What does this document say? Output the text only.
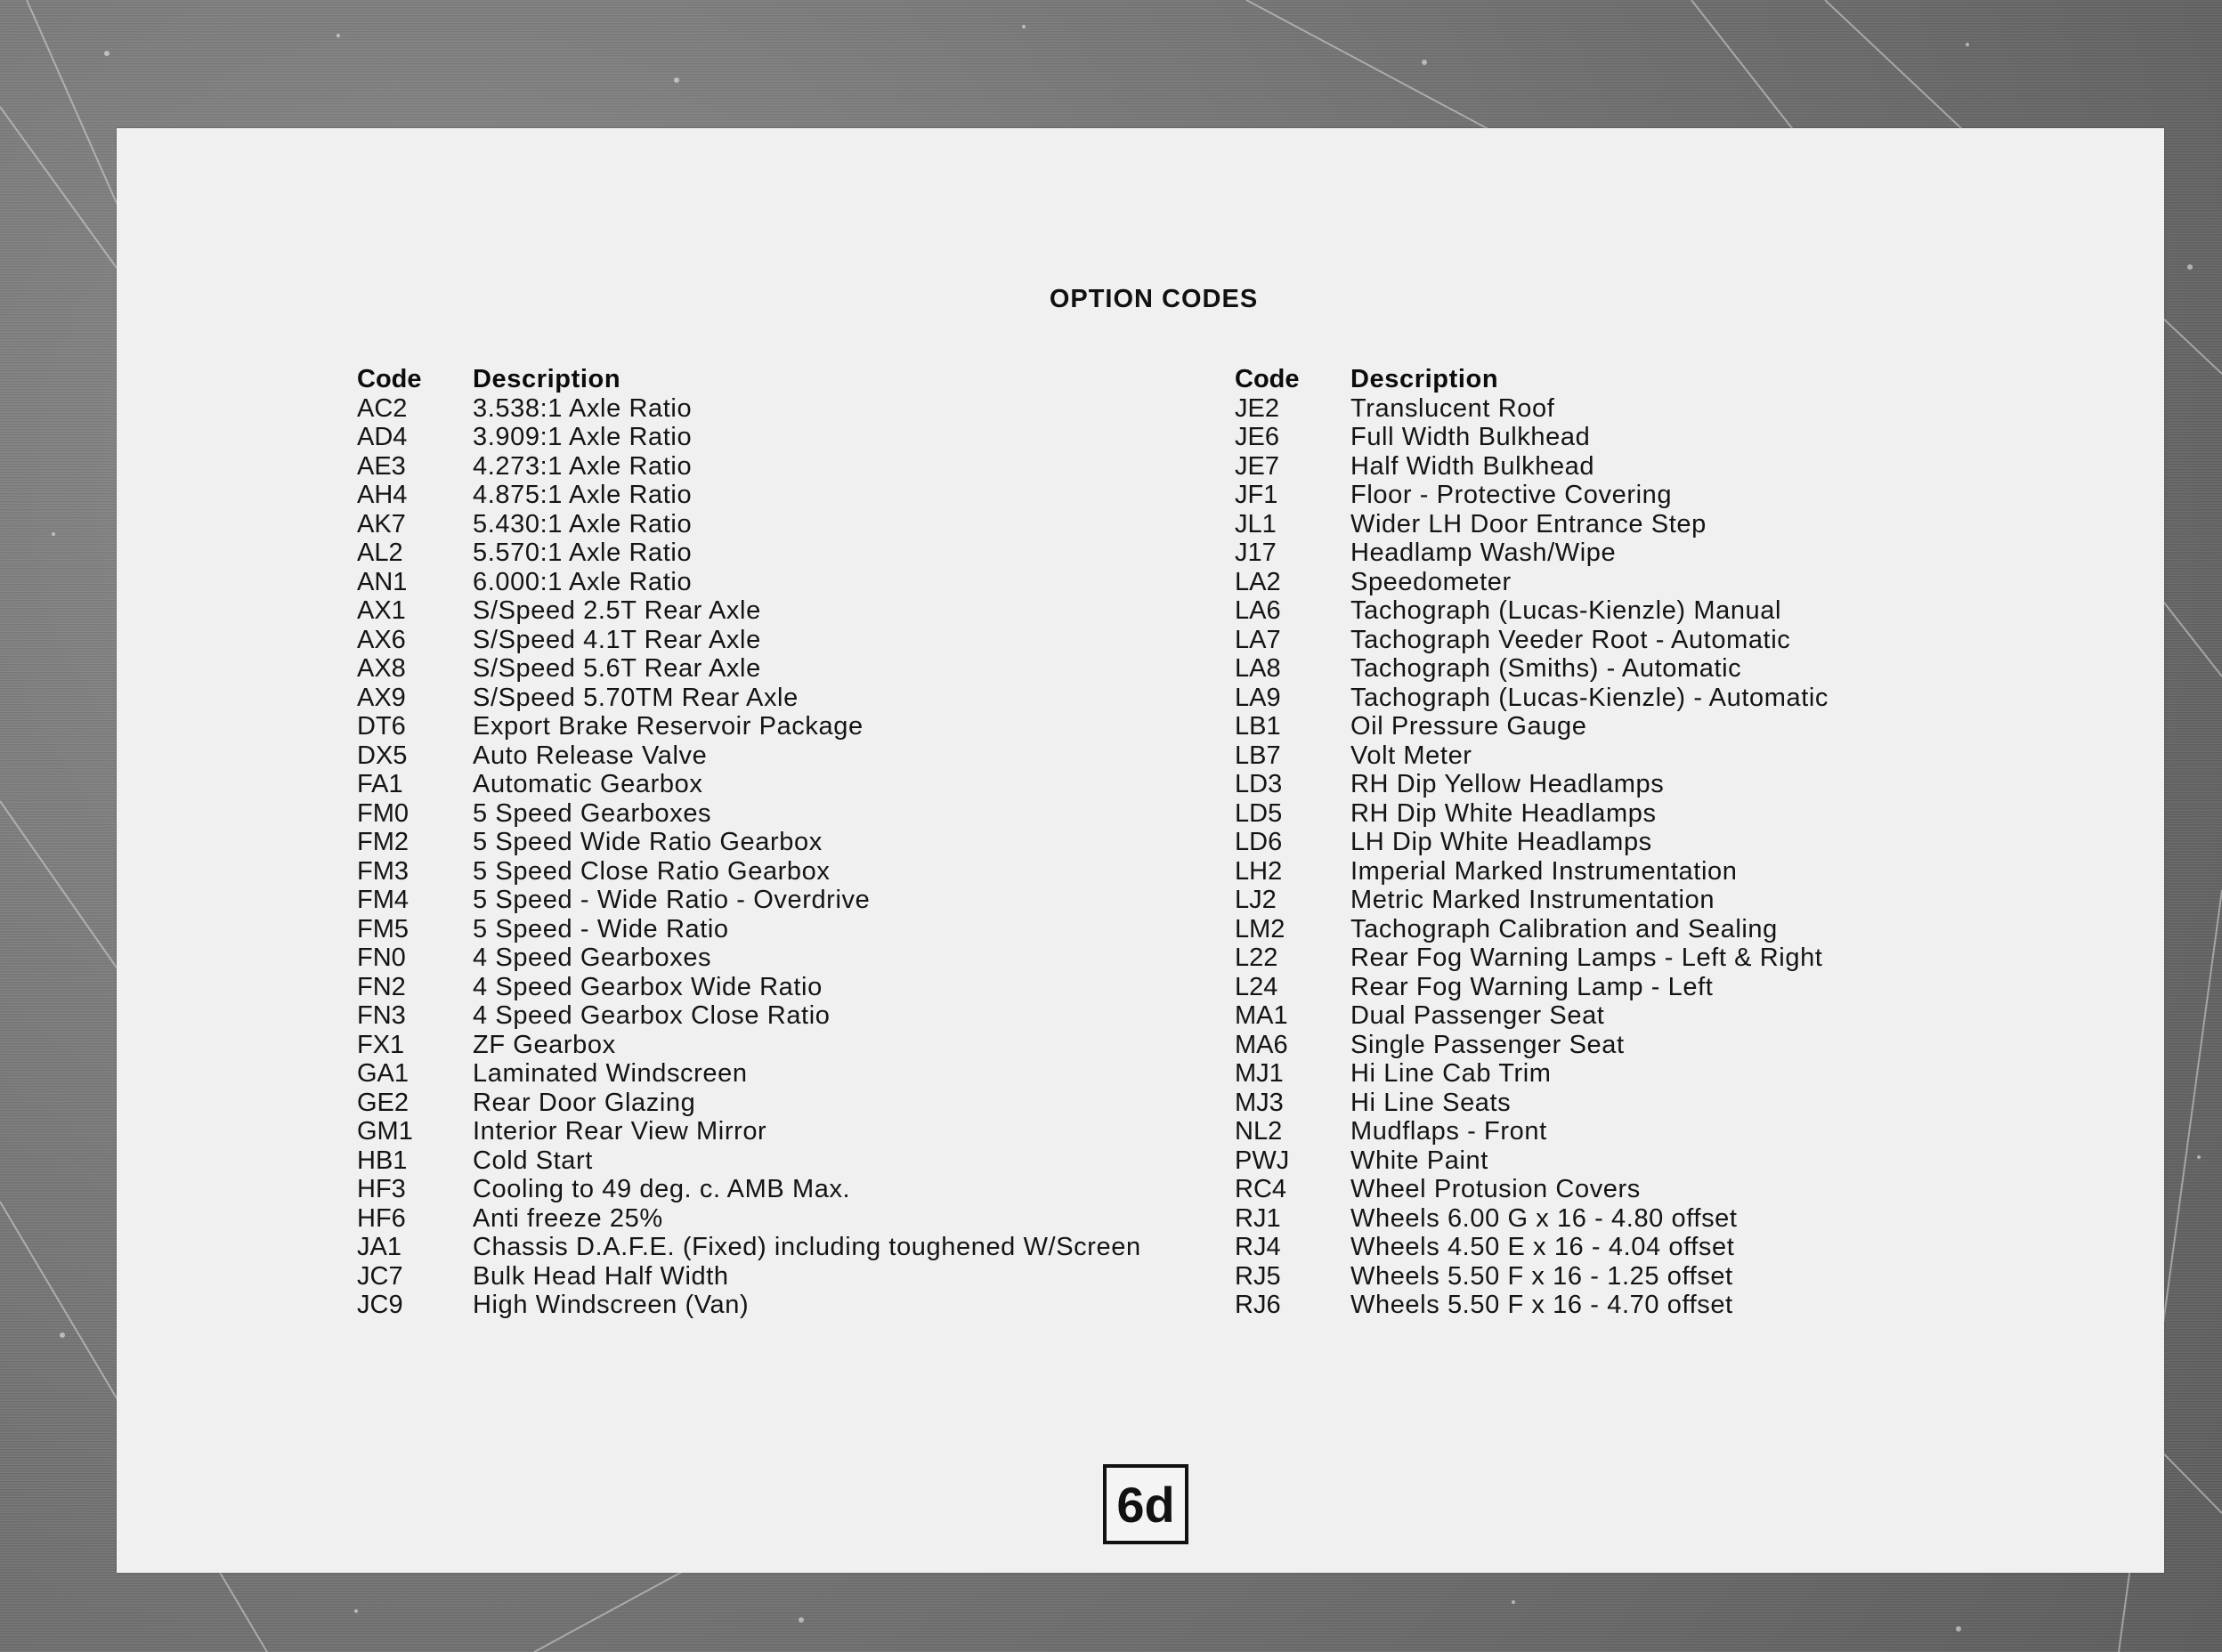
OPTION CODES
Code	Description
AC2	3.538:1 Axle Ratio
AD4	3.909:1 Axle Ratio
AE3	4.273:1 Axle Ratio
AH4	4.875:1 Axle Ratio
AK7	5.430:1 Axle Ratio
AL2	5.570:1 Axle Ratio
AN1	6.000:1 Axle Ratio
AX1	S/Speed 2.5T Rear Axle
AX6	S/Speed 4.1T Rear Axle
AX8	S/Speed 5.6T Rear Axle
AX9	S/Speed 5.70TM Rear Axle
DT6	Export Brake Reservoir Package
DX5	Auto Release Valve
FA1	Automatic Gearbox
FM0	5 Speed Gearboxes
FM2	5 Speed Wide Ratio Gearbox
FM3	5 Speed Close Ratio Gearbox
FM4	5 Speed - Wide Ratio - Overdrive
FM5	5 Speed - Wide Ratio
FN0	4 Speed Gearboxes
FN2	4 Speed Gearbox Wide Ratio
FN3	4 Speed Gearbox Close Ratio
FX1	ZF Gearbox
GA1	Laminated Windscreen
GE2	Rear Door Glazing
GM1	Interior Rear View Mirror
HB1	Cold Start
HF3	Cooling to 49 deg. c. AMB Max.
HF6	Anti freeze 25%
JA1	Chassis D.A.F.E. (Fixed) including toughened W/Screen
JC7	Bulk Head Half Width
JC9	High Windscreen (Van)
Code	Description
JE2	Translucent Roof
JE6	Full Width Bulkhead
JE7	Half Width Bulkhead
JF1	Floor - Protective Covering
JL1	Wider LH Door Entrance Step
J17	Headlamp Wash/Wipe
LA2	Speedometer
LA6	Tachograph (Lucas-Kienzle) Manual
LA7	Tachograph Veeder Root - Automatic
LA8	Tachograph (Smiths) - Automatic
LA9	Tachograph (Lucas-Kienzle) - Automatic
LB1	Oil Pressure Gauge
LB7	Volt Meter
LD3	RH Dip Yellow Headlamps
LD5	RH Dip White Headlamps
LD6	LH Dip White Headlamps
LH2	Imperial Marked Instrumentation
LJ2	Metric Marked Instrumentation
LM2	Tachograph Calibration and Sealing
L22	Rear Fog Warning Lamps - Left & Right
L24	Rear Fog Warning Lamp - Left
MA1	Dual Passenger Seat
MA6	Single Passenger Seat
MJ1	Hi Line Cab Trim
MJ3	Hi Line Seats
NL2	Mudflaps - Front
PWJ	White Paint
RC4	Wheel Protusion Covers
RJ1	Wheels 6.00 G x 16 - 4.80 offset
RJ4	Wheels 4.50 E x 16 - 4.04 offset
RJ5	Wheels 5.50 F x 16 - 1.25 offset
RJ6	Wheels 5.50 F x 16 - 4.70 offset
6d
